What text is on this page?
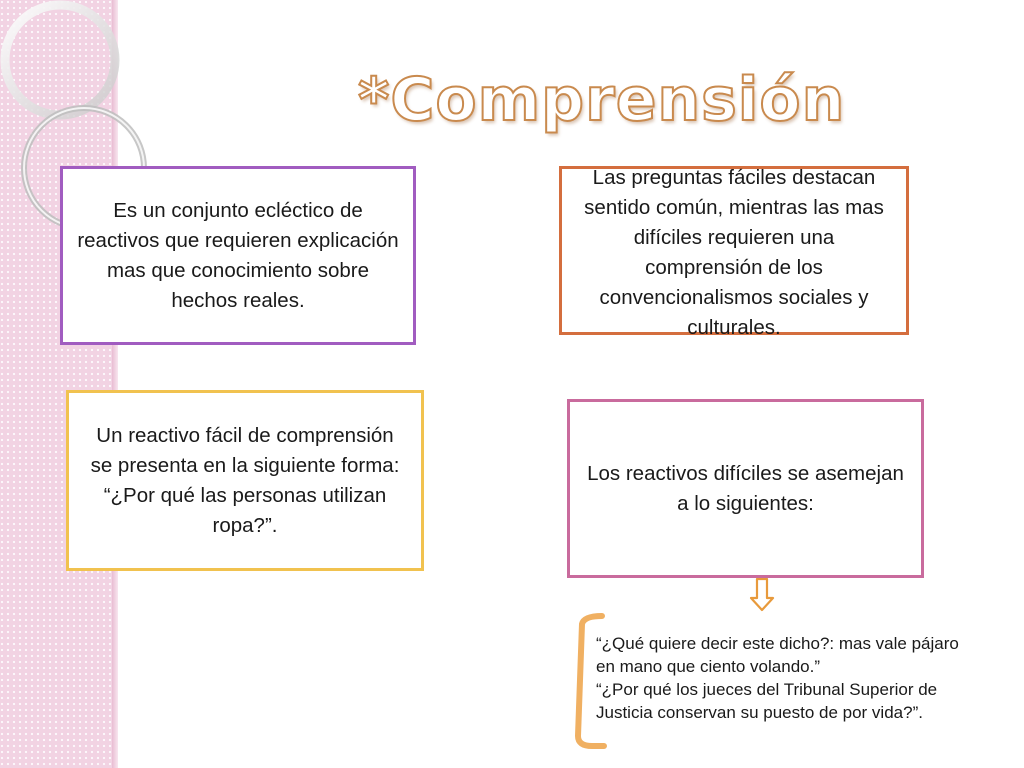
*Comprensión
Es un conjunto ecléctico de reactivos que requieren explicación mas que conocimiento sobre hechos reales.
Las preguntas fáciles destacan sentido común, mientras las mas difíciles requieren una comprensión de los convencionalismos sociales y culturales.
Un reactivo fácil de comprensión se presenta en la siguiente forma: “¿Por qué las personas utilizan ropa?”.
Los reactivos difíciles se asemejan a lo siguientes:

“¿Qué quiere decir este dicho?: mas vale pájaro en mano que ciento volando.”

“¿Por qué los jueces del Tribunal Superior de Justicia conservan su puesto de por vida?”.
